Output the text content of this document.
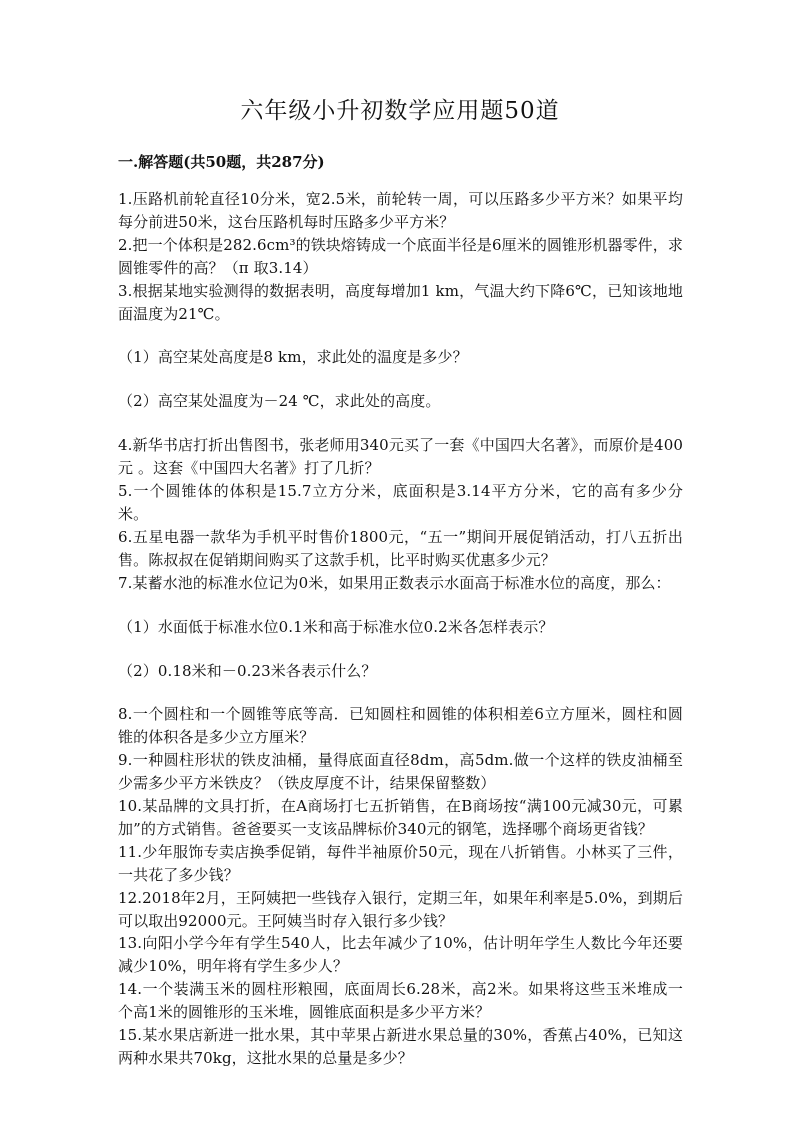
六年级小升初数学应用题50道
一.解答题(共50题，共287分)

1.压路机前轮直径10分米，宽2.5米，前轮转一周，可以压路多少平方米？如果平均每分前进50米，这台压路机每时压路多少平方米？

2.把一个体积是282.6cm³的铁块熔铸成一个底面半径是6厘米的圆锥形机器零件，求圆锥零件的高？（π 取3.14）

3.根据某地实验测得的数据表明，高度每增加1 km，气温大约下降6℃，已知该地地面温度为21℃。

（1）高空某处高度是8 km，求此处的温度是多少？

（2）高空某处温度为－24 ℃，求此处的高度。

4.新华书店打折出售图书，张老师用340元买了一套《中国四大名著》，而原价是400元 。这套《中国四大名著》打了几折？

5.一个圆锥体的体积是15.7立方分米，底面积是3.14平方分米，它的高有多少分米。

6.五星电器一款华为手机平时售价1800元，“五一”期间开展促销活动，打八五折出售。陈叔叔在促销期间购买了这款手机，比平时购买优惠多少元？

7.某蓄水池的标准水位记为0米，如果用正数表示水面高于标准水位的高度，那么：

（1）水面低于标准水位0.1米和高于标准水位0.2米各怎样表示？

（2）0.18米和－0.23米各表示什么？

8.一个圆柱和一个圆锥等底等高．已知圆柱和圆锥的体积相差6立方厘米，圆柱和圆锥的体积各是多少立方厘米？

9.一种圆柱形状的铁皮油桶，量得底面直径8dm，高5dm.做一个这样的铁皮油桶至少需多少平方米铁皮？（铁皮厚度不计，结果保留整数）

10.某品牌的文具打折，在A商场打七五折销售，在B商场按“满100元减30元，可累加”的方式销售。爸爸要买一支该品牌标价340元的钢笔，选择哪个商场更省钱？

11.少年服饰专卖店换季促销，每件半袖原价50元，现在八折销售。小林买了三件，一共花了多少钱？

12.2018年2月，王阿姨把一些钱存入银行，定期三年，如果年利率是5.0%，到期后可以取出92000元。王阿姨当时存入银行多少钱？

13.向阳小学今年有学生540人，比去年减少了10%，估计明年学生人数比今年还要减少10%，明年将有学生多少人？

14.一个装满玉米的圆柱形粮囤，底面周长6.28米，高2米。如果将这些玉米堆成一个高1米的圆锥形的玉米堆，圆锥底面积是多少平方米？

15.某水果店新进一批水果，其中苹果占新进水果总量的30%，香蕉占40%，已知这两种水果共70kg，这批水果的总量是多少？
